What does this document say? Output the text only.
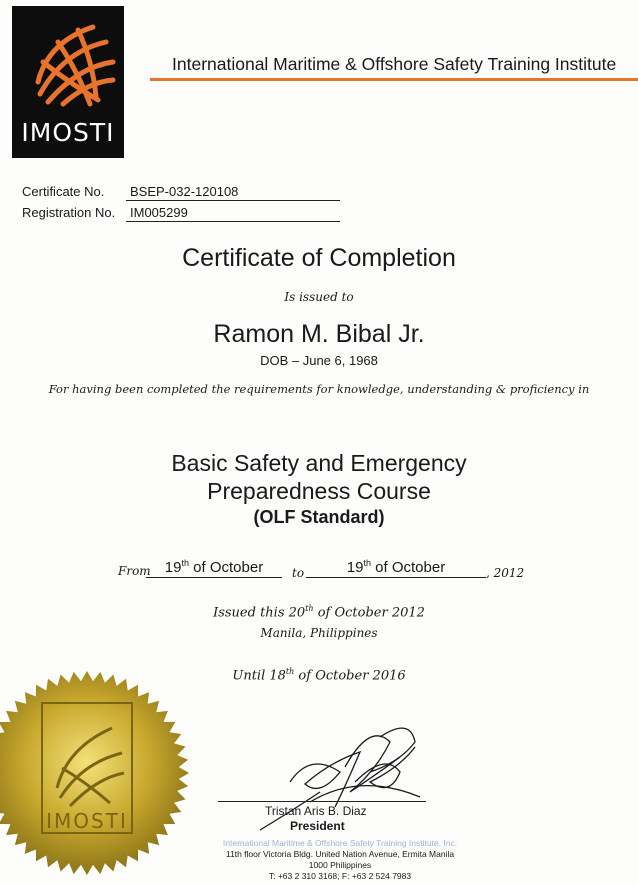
IMOSTI
International Maritime & Offshore Safety Training Institute
Certificate No.	BSEP-032-120108
Registration No.	IM005299
Certificate of Completion
Is issued to
Ramon M. Bibal Jr.
DOB – June 6, 1968
For having been completed the requirements for knowledge, understanding & proficiency in
Basic Safety and Emergency
Preparedness Course
(OLF Standard)
From 19th of October	to	19th of October	, 2012
Issued this 20th of October 2012
Manila, Philippines
Until 18th of October 2016
IMOSTI	Tristan Aris B. Diaz
President
International Maritime & Offshore Safety Training Institute, Inc.
11th floor Victoria Bldg. United Nation Avenue, Ermita Manila
1000 Philippines
T: +63 2 310 3168; F: +63 2 524 7983
